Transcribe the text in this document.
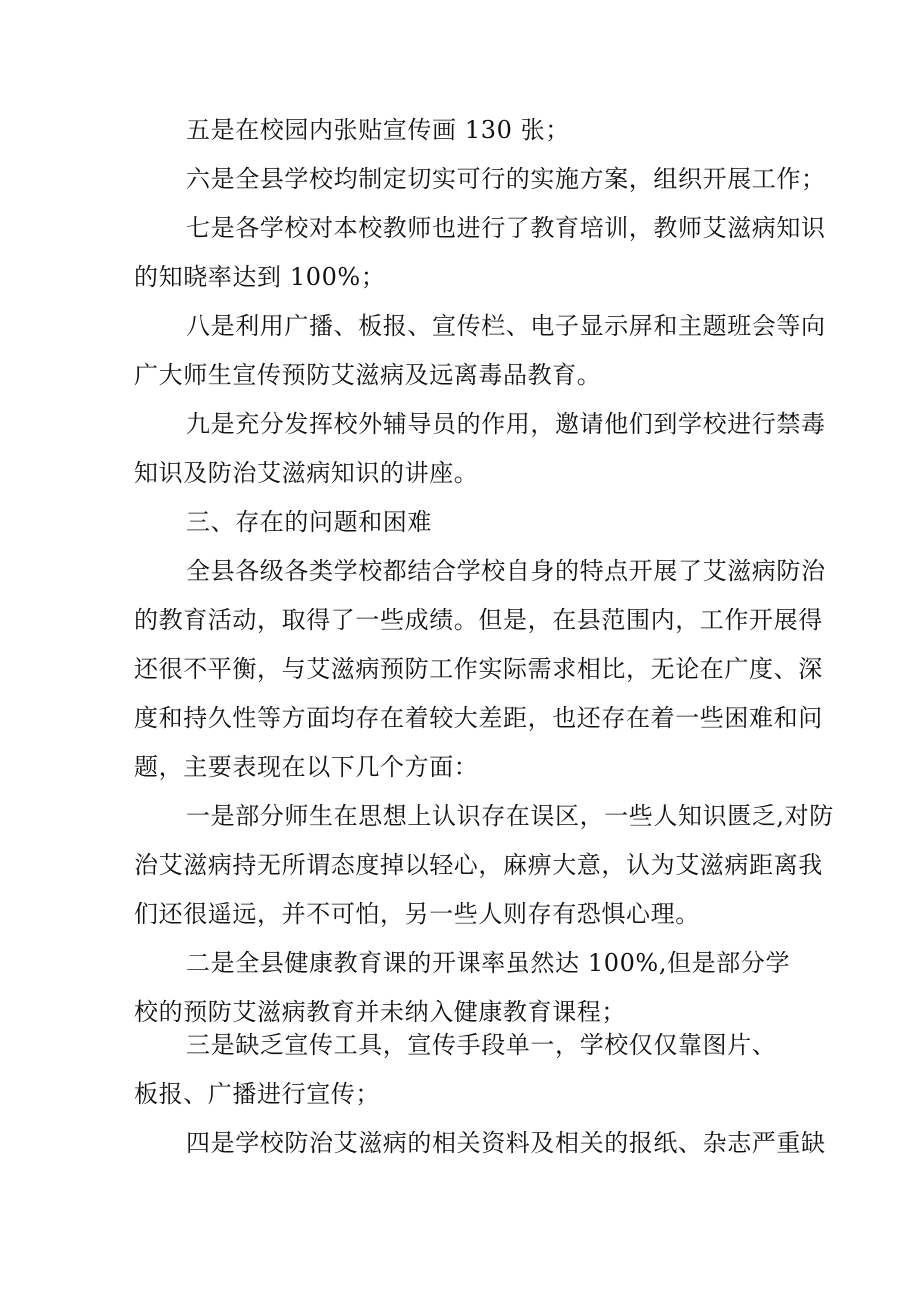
五是在校园内张贴宣传画 130 张；
六是全县学校均制定切实可行的实施方案，组织开展工作；
七是各学校对本校教师也进行了教育培训，教师艾滋病知识
的知晓率达到 100%；
八是利用广播、板报、宣传栏、电子显示屏和主题班会等向
广大师生宣传预防艾滋病及远离毒品教育。
九是充分发挥校外辅导员的作用，邀请他们到学校进行禁毒
知识及防治艾滋病知识的讲座。
三、存在的问题和困难
全县各级各类学校都结合学校自身的特点开展了艾滋病防治
的教育活动，取得了一些成绩。但是，在县范围内，工作开展得
还很不平衡，与艾滋病预防工作实际需求相比，无论在广度、深
度和持久性等方面均存在着较大差距，也还存在着一些困难和问
题，主要表现在以下几个方面：
一是部分师生在思想上认识存在误区，一些人知识匮乏,对防
治艾滋病持无所谓态度掉以轻心，麻痹大意，认为艾滋病距离我
们还很遥远，并不可怕，另一些人则存有恐惧心理。
二是全县健康教育课的开课率虽然达 100%,但是部分学
校的预防艾滋病教育并未纳入健康教育课程；
三是缺乏宣传工具，宣传手段单一，学校仅仅靠图片、
板报、广播进行宣传；
四是学校防治艾滋病的相关资料及相关的报纸、杂志严重缺
